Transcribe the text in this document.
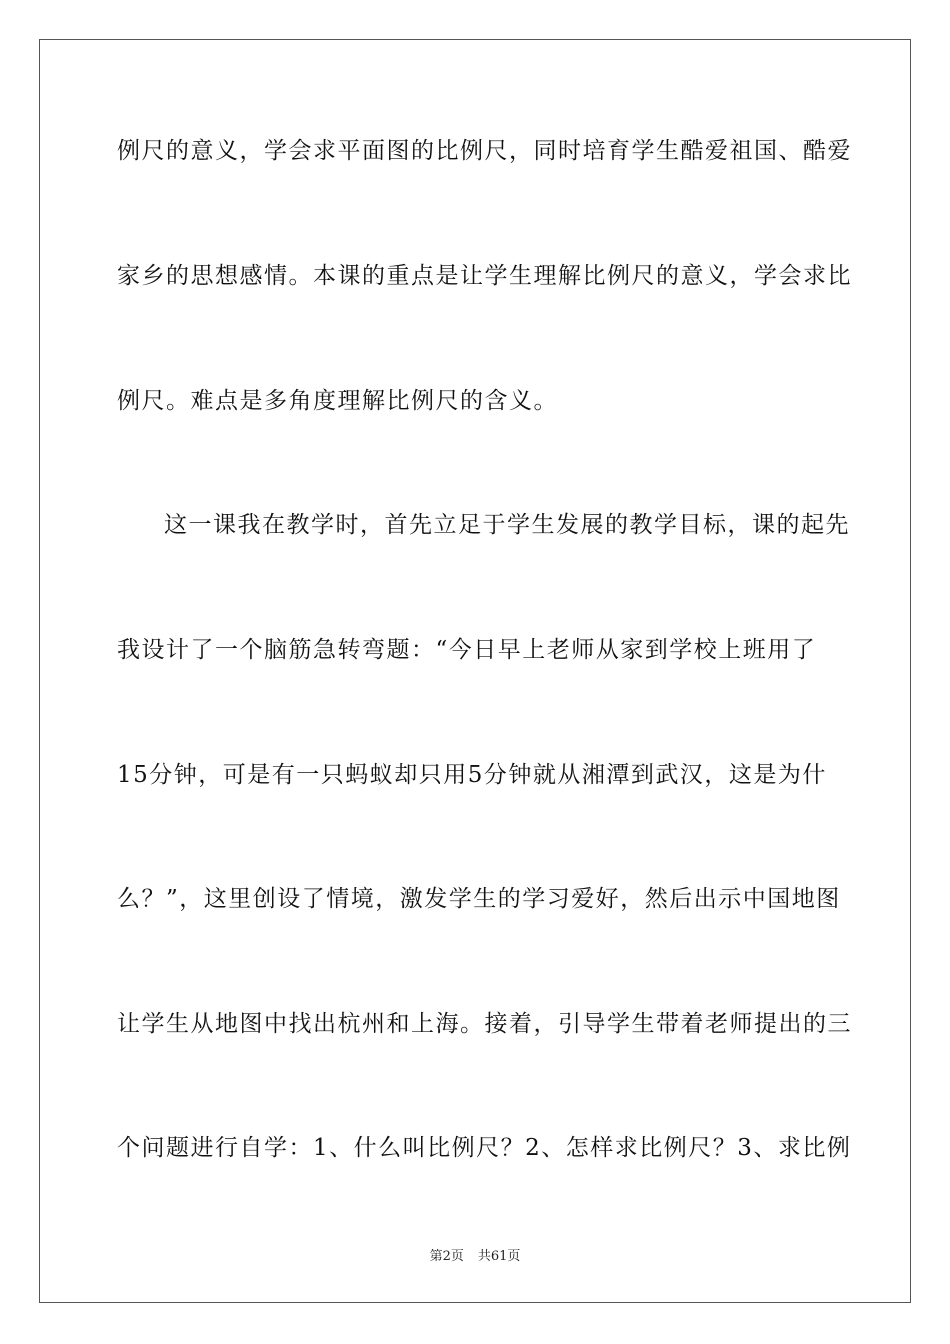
例尺的意义，学会求平面图的比例尺，同时培育学生酷爱祖国、酷爱
家乡的思想感情。本课的重点是让学生理解比例尺的意义，学会求比
例尺。难点是多角度理解比例尺的含义。
这一课我在教学时，首先立足于学生发展的教学目标，课的起先
我设计了一个脑筋急转弯题：“今日早上老师从家到学校上班用了
15分钟，可是有一只蚂蚁却只用5分钟就从湘潭到武汉，这是为什
么？”，这里创设了情境，激发学生的学习爱好，然后出示中国地图
让学生从地图中找出杭州和上海。接着，引导学生带着老师提出的三
个问题进行自学：1、什么叫比例尺？2、怎样求比例尺？3、求比例
第2页 共61页
